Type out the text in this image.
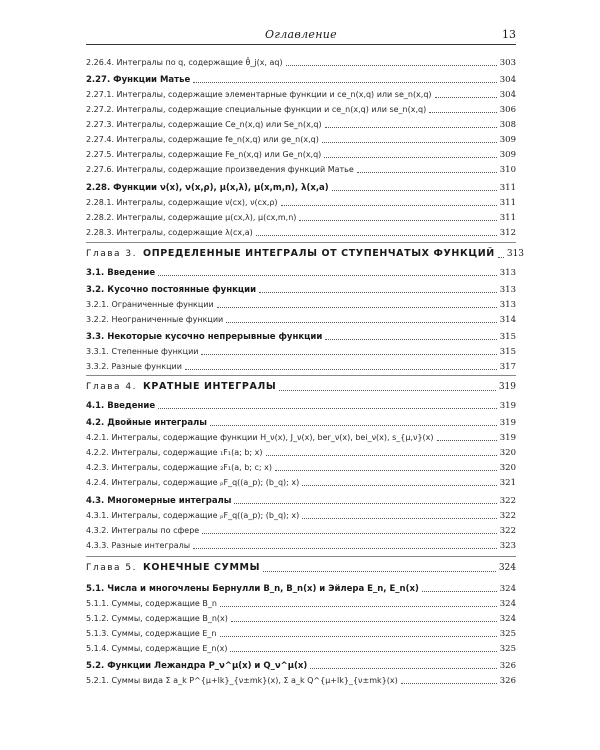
Оглавление	13
2.26.4. Интегралы по q, содержащие θ̂_j(x, aq)	303
2.27. Функции Матье	304
2.27.1. Интегралы, содержащие элементарные функции и ce_n(x,q) или se_n(x,q)	304
2.27.2. Интегралы, содержащие специальные функции и ce_n(x,q) или se_n(x,q)	306
2.27.3. Интегралы, содержащие Ce_n(x,q) или Se_n(x,q)	308
2.27.4. Интегралы, содержащие fe_n(x,q) или ge_n(x,q)	309
2.27.5. Интегралы, содержащие Fe_n(x,q) или Ge_n(x,q)	309
2.27.6. Интегралы, содержащие произведения функций Матье	310
2.28. Функции ν(x), ν(x,ρ), μ(x,λ), μ(x,m,n), λ(x,a)	311
2.28.1. Интегралы, содержащие ν(cx), ν(cx,ρ)	311
2.28.2. Интегралы, содержащие μ(cx,λ), μ(cx,m,n)	311
2.28.3. Интегралы, содержащие λ(cx,a)	312
Глава 3. ОПРЕДЕЛЕННЫЕ ИНТЕГРАЛЫ ОТ СТУПЕНЧАТЫХ ФУНКЦИЙ 313
3.1. Введение	313
3.2. Кусочно постоянные функции	313
3.2.1. Ограниченные функции	313
3.2.2. Неограниченные функции	314
3.3. Некоторые кусочно непрерывные функции	315
3.3.1. Степенные функции	315
3.3.2. Разные функции	317
Глава 4. КРАТНЫЕ ИНТЕГРАЛЫ	319
4.1. Введение	319
4.2. Двойные интегралы	319
4.2.1. Интегралы, содержащие функции H_ν(x), J_ν(x), ber_ν(x), bei_ν(x), s_{μ,ν}(x)	319
4.2.2. Интегралы, содержащие ₁F₁(a; b; x)	320
4.2.3. Интегралы, содержащие ₂F₁(a, b; c; x)	320
4.2.4. Интегралы, содержащие ₚF_q((a_p); (b_q); x)	321
4.3. Многомерные интегралы	322
4.3.1. Интегралы, содержащие ₚF_q((a_p); (b_q); x)	322
4.3.2. Интегралы по сфере	322
4.3.3. Разные интегралы	323
Глава 5. КОНЕЧНЫЕ СУММЫ	324
5.1. Числа и многочлены Бернулли B_n, B_n(x) и Эйлера E_n, E_n(x)	324
5.1.1. Суммы, содержащие B_n	324
5.1.2. Суммы, содержащие B_n(x)	324
5.1.3. Суммы, содержащие E_n	325
5.1.4. Суммы, содержащие E_n(x)	325
5.2. Функции Лежандра P_ν^μ(x) и Q_ν^μ(x)	326
5.2.1. Суммы вида Σ a_k P^{μ+lk}_{ν±mk}(x), Σ a_k Q^{μ+lk}_{ν±mk}(x)	326
